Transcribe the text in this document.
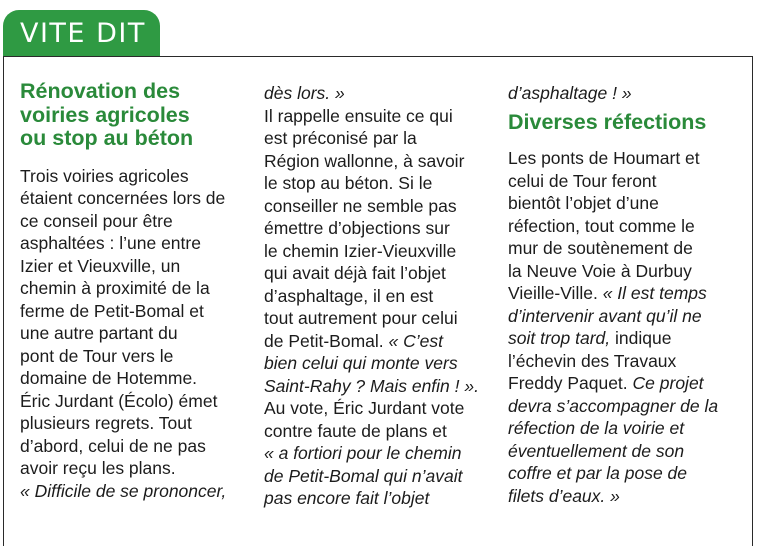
VITE DIT
Rénovation des
voiries agricoles
ou stop au béton
Trois voiries agricoles
étaient concernées lors de
ce conseil pour être
asphaltées : l’une entre
Izier et Vieuxville, un
chemin à proximité de la
ferme de Petit-Bomal et
une autre partant du
pont de Tour vers le
domaine de Hotemme.
Éric Jurdant (Écolo) émet
plusieurs regrets. Tout
d’abord, celui de ne pas
avoir reçu les plans.
« Difficile de se prononcer,
dès lors. »
Il rappelle ensuite ce qui
est préconisé par la
Région wallonne, à savoir
le stop au béton. Si le
conseiller ne semble pas
émettre d’objections sur
le chemin Izier-Vieuxville
qui avait déjà fait l’objet
d’asphaltage, il en est
tout autrement pour celui
de Petit-Bomal. « C’est
bien celui qui monte vers
Saint-Rahy ? Mais enfin ! ».
Au vote, Éric Jurdant vote
contre faute de plans et
« a fortiori pour le chemin
de Petit-Bomal qui n’avait
pas encore fait l’objet
d’asphaltage ! »
Diverses réfections
Les ponts de Houmart et
celui de Tour feront
bientôt l’objet d’une
réfection, tout comme le
mur de soutènement de
la Neuve Voie à Durbuy
Vieille-Ville. « Il est temps
d’intervenir avant qu’il ne
soit trop tard, indique
l’échevin des Travaux
Freddy Paquet. Ce projet
devra s’accompagner de la
réfection de la voirie et
éventuellement de son
coffre et par la pose de
filets d’eaux. »
